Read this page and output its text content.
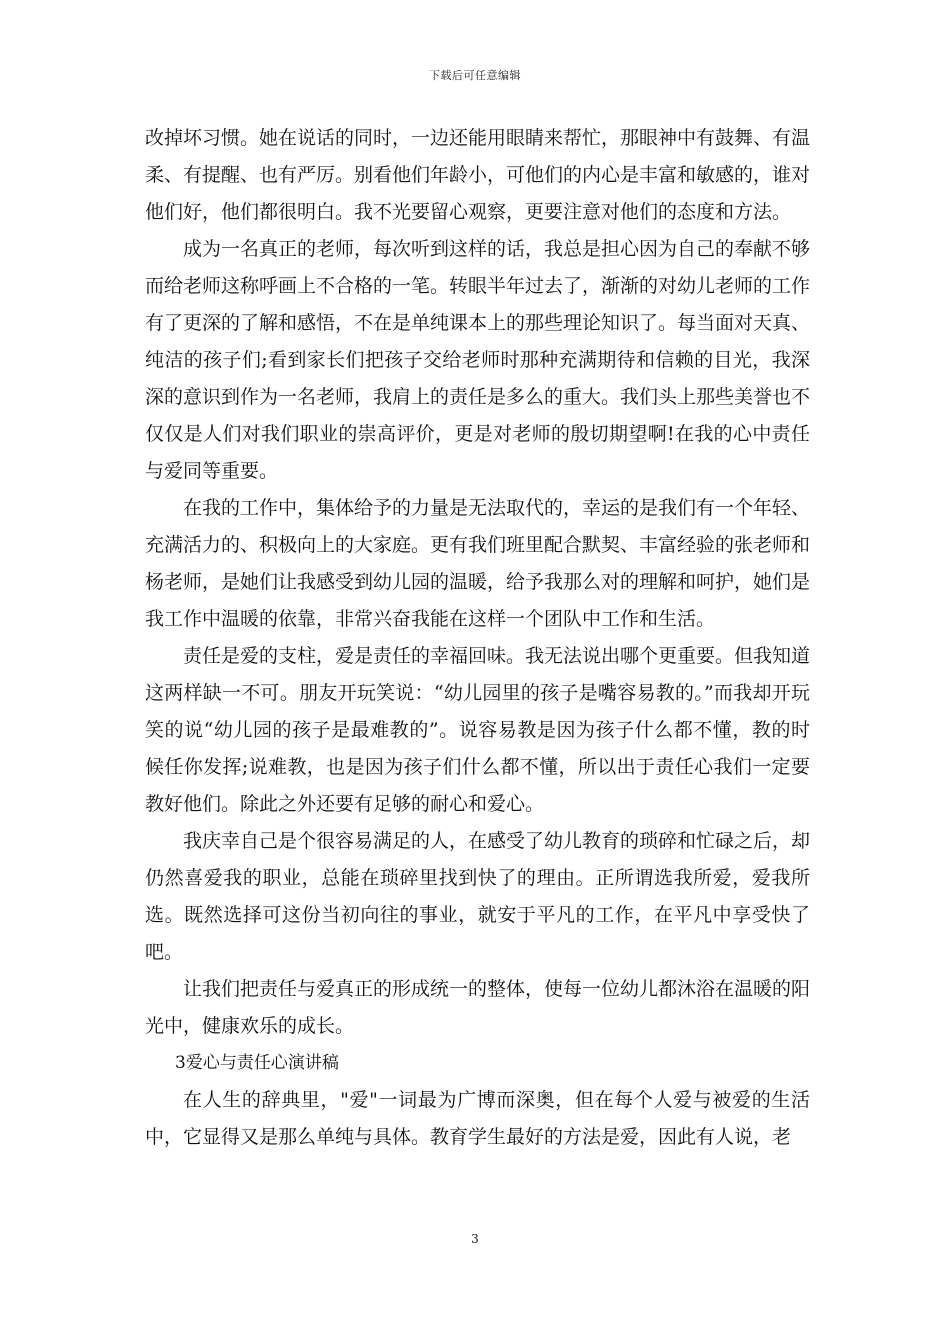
下载后可任意编辑

改掉坏习惯。她在说话的同时，一边还能用眼睛来帮忙，那眼神中有鼓舞、有温柔、有提醒、也有严厉。别看他们年龄小，可他们的内心是丰富和敏感的，谁对他们好，他们都很明白。我不光要留心观察，更要注意对他们的态度和方法。

成为一名真正的老师，每次听到这样的话，我总是担心因为自己的奉献不够而给老师这称呼画上不合格的一笔。转眼半年过去了，渐渐的对幼儿老师的工作有了更深的了解和感悟，不在是单纯课本上的那些理论知识了。每当面对天真、纯洁的孩子们;看到家长们把孩子交给老师时那种充满期待和信赖的目光，我深深的意识到作为一名老师，我肩上的责任是多么的重大。我们头上那些美誉也不仅仅是人们对我们职业的崇高评价，更是对老师的殷切期望啊!在我的心中责任与爱同等重要。

在我的工作中，集体给予的力量是无法取代的，幸运的是我们有一个年轻、充满活力的、积极向上的大家庭。更有我们班里配合默契、丰富经验的张老师和杨老师，是她们让我感受到幼儿园的温暖，给予我那么对的理解和呵护，她们是我工作中温暖的依靠，非常兴奋我能在这样一个团队中工作和生活。

责任是爱的支柱，爱是责任的幸福回味。我无法说出哪个更重要。但我知道这两样缺一不可。朋友开玩笑说：“幼儿园里的孩子是嘴容易教的。”而我却开玩笑的说“幼儿园的孩子是最难教的”。说容易教是因为孩子什么都不懂，教的时候任你发挥;说难教，也是因为孩子们什么都不懂，所以出于责任心我们一定要教好他们。除此之外还要有足够的耐心和爱心。

我庆幸自己是个很容易满足的人，在感受了幼儿教育的琐碎和忙碌之后，却仍然喜爱我的职业，总能在琐碎里找到快了的理由。正所谓选我所爱，爱我所选。既然选择可这份当初向往的事业，就安于平凡的工作，在平凡中享受快了吧。

让我们把责任与爱真正的形成统一的整体，使每一位幼儿都沐浴在温暖的阳光中，健康欢乐的成长。

3爱心与责任心演讲稿

在人生的辞典里，"爱"一词最为广博而深奥，但在每个人爱与被爱的生活中，它显得又是那么单纯与具体。教育学生最好的方法是爱，因此有人说，老

3
